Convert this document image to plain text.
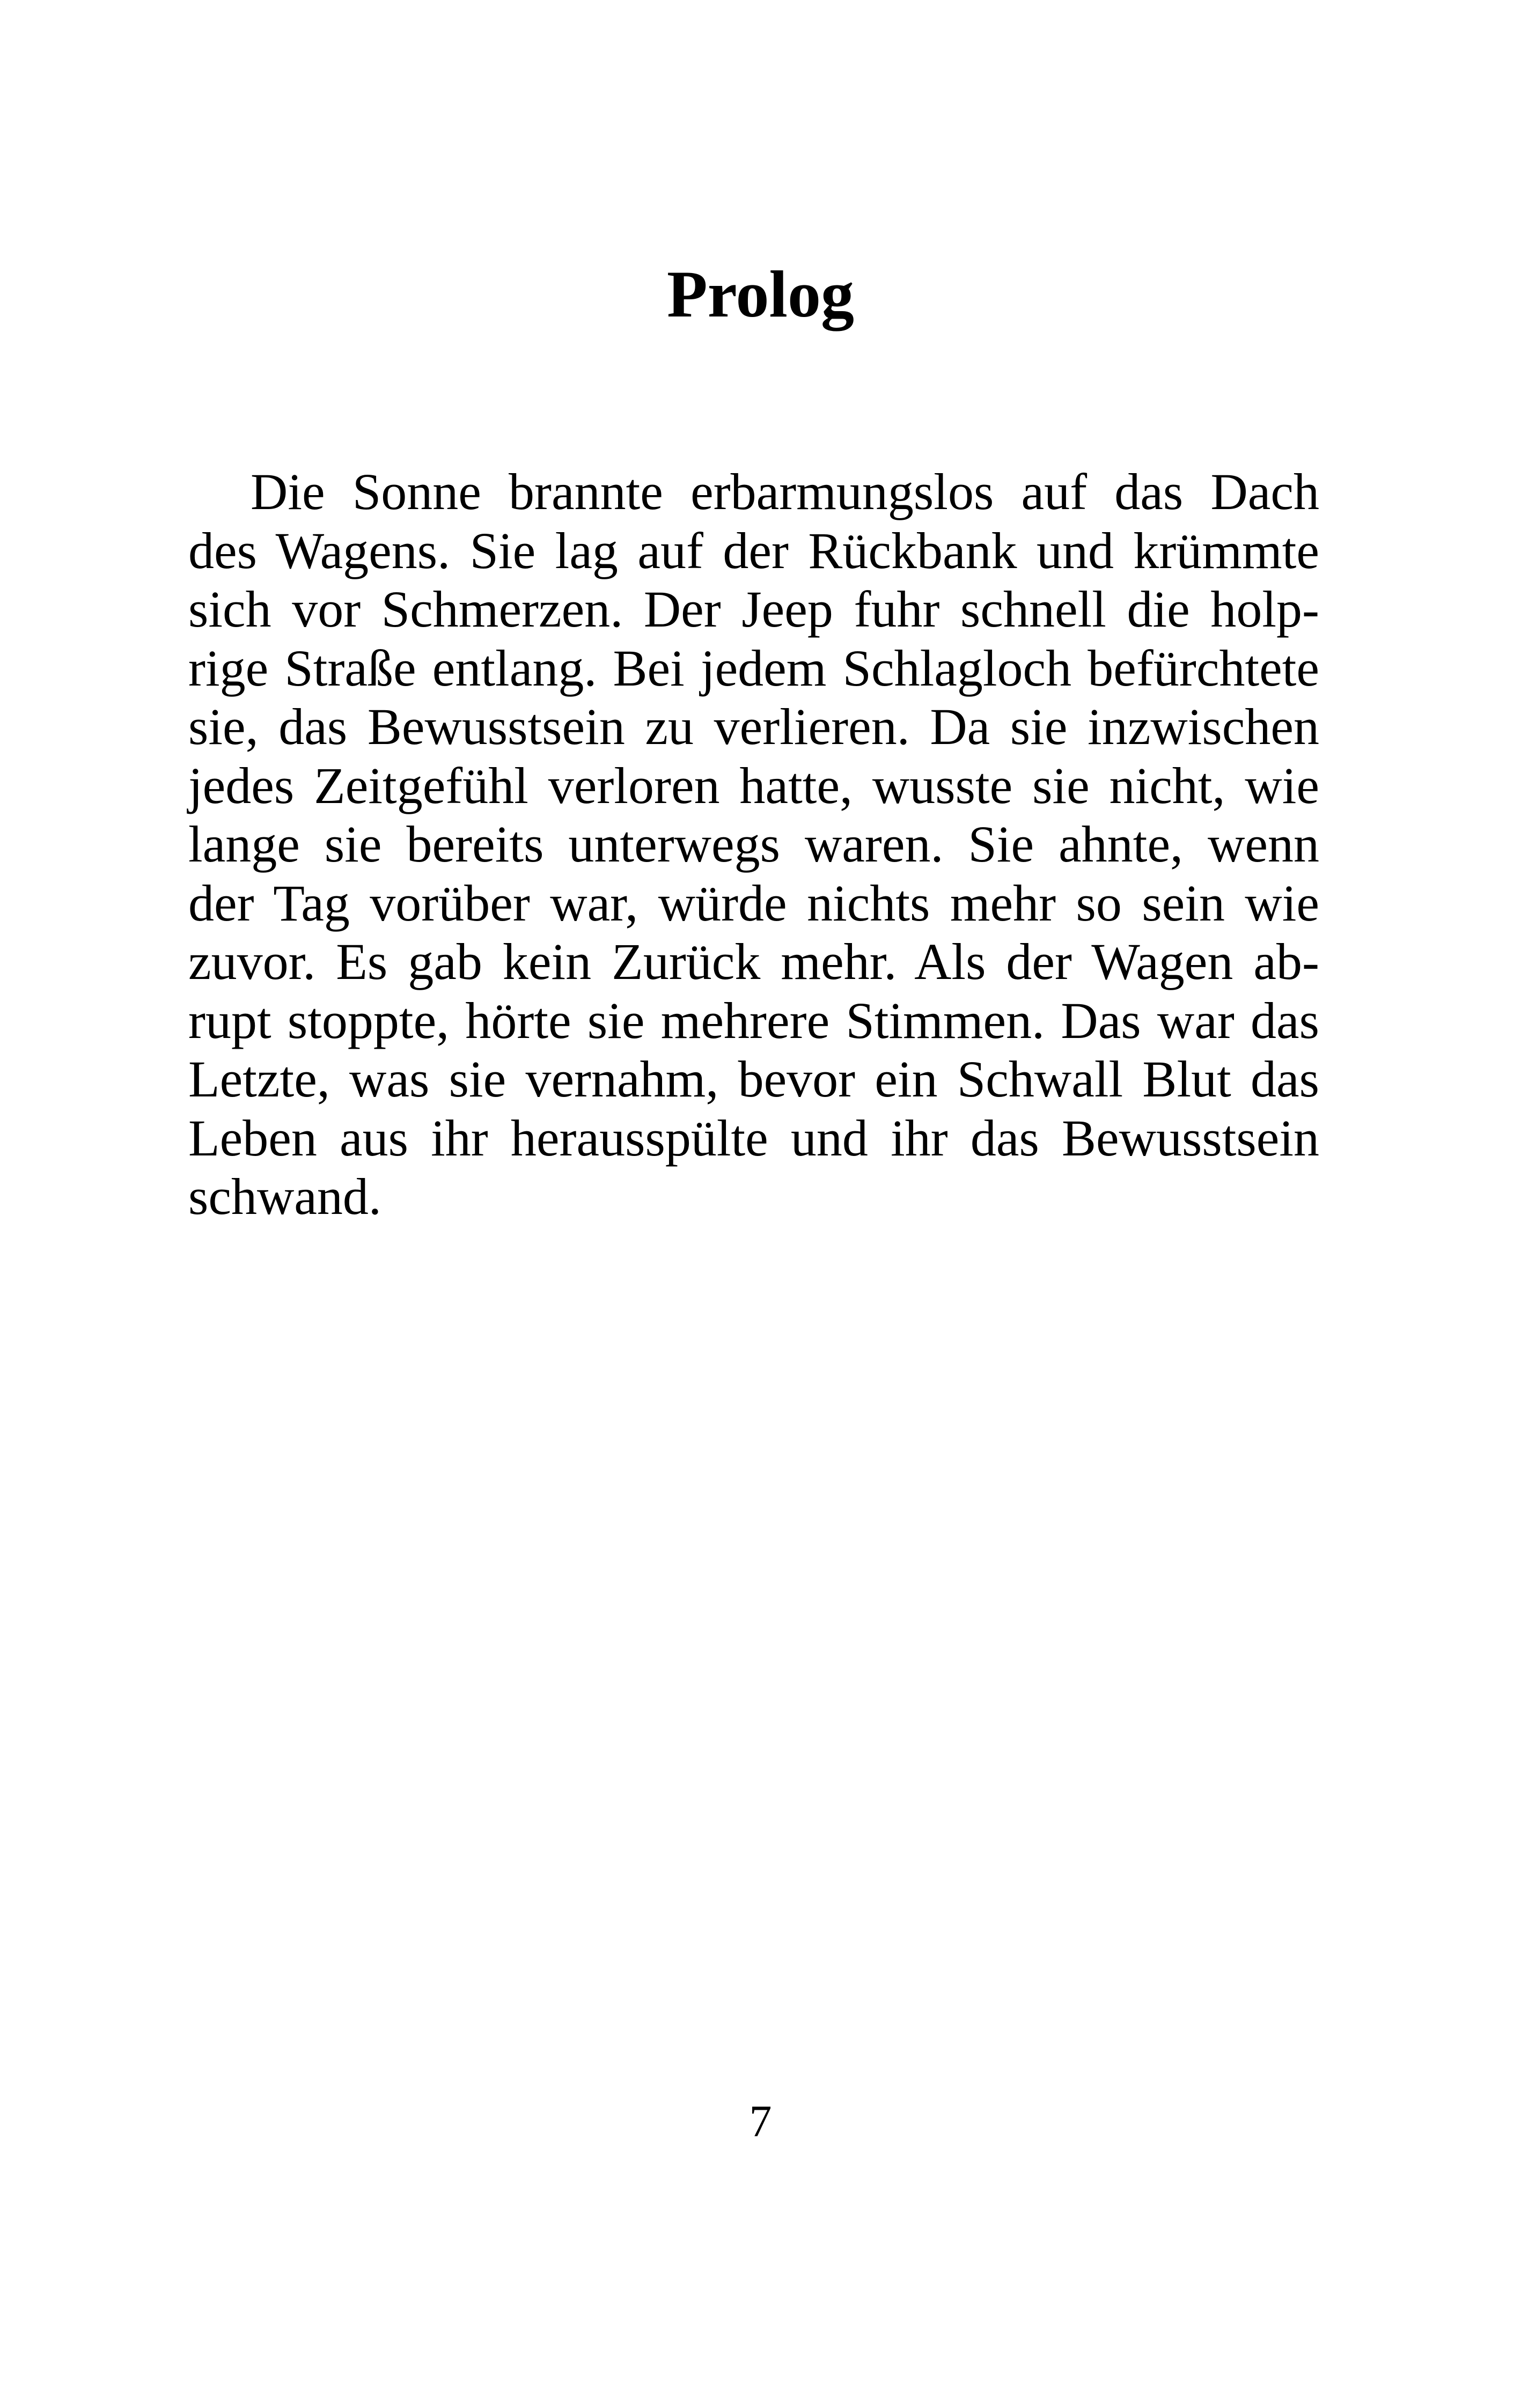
Prolog

Die Sonne brannte erbarmungslos auf das Dach
des Wagens. Sie lag auf der Rückbank und krümmte
sich vor Schmerzen. Der Jeep fuhr schnell die holp-
rige Straße entlang. Bei jedem Schlagloch befürchtete
sie, das Bewusstsein zu verlieren. Da sie inzwischen
jedes Zeitgefühl verloren hatte, wusste sie nicht, wie
lange sie bereits unterwegs waren. Sie ahnte, wenn
der Tag vorüber war, würde nichts mehr so sein wie
zuvor. Es gab kein Zurück mehr. Als der Wagen ab-
rupt stoppte, hörte sie mehrere Stimmen. Das war das
Letzte, was sie vernahm, bevor ein Schwall Blut das
Leben aus ihr herausspülte und ihr das Bewusstsein
schwand.

7
